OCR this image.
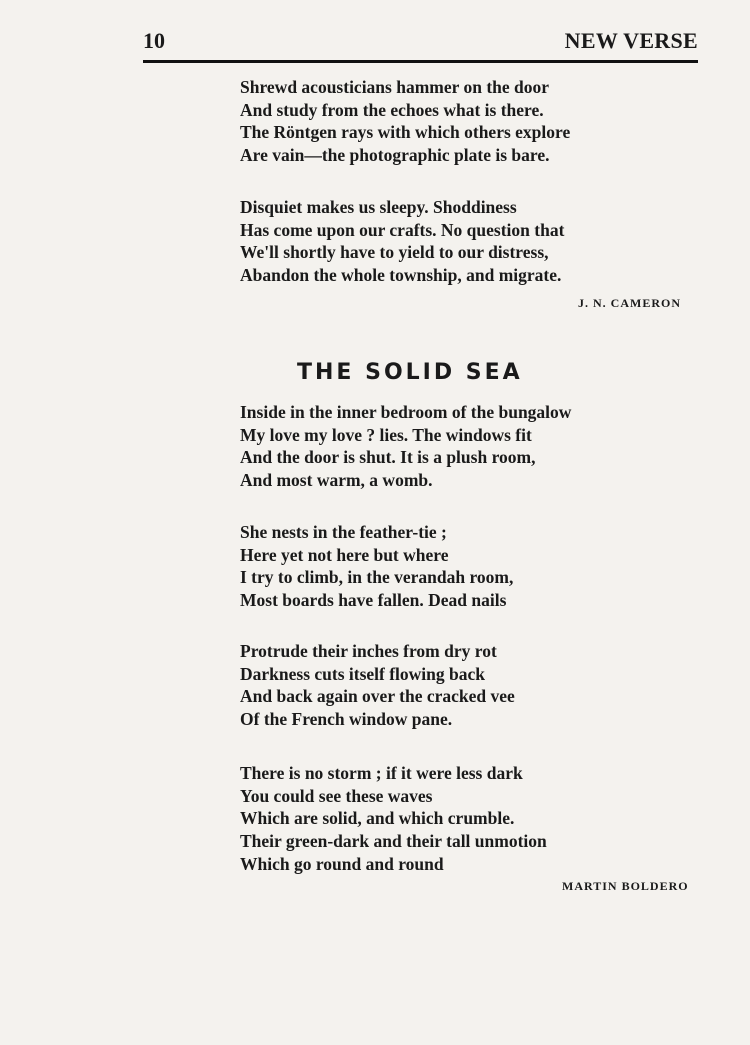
10	NEW VERSE
Shrewd acousticians hammer on the door
And study from the echoes what is there.
The Röntgen rays with which others explore
Are vain—the photographic plate is bare.
Disquiet makes us sleepy. Shoddiness
Has come upon our crafts. No question that
We'll shortly have to yield to our distress,
Abandon the whole township, and migrate.
J. N. CAMERON
THE SOLID SEA
Inside in the inner bedroom of the bungalow
My love my love ? lies. The windows fit
And the door is shut. It is a plush room,
And most warm, a womb.
She nests in the feather-tie ;
Here yet not here but where
I try to climb, in the verandah room,
Most boards have fallen. Dead nails
Protrude their inches from dry rot
Darkness cuts itself flowing back
And back again over the cracked vee
Of the French window pane.
There is no storm ; if it were less dark
You could see these waves
Which are solid, and which crumble.
Their green-dark and their tall unmotion
Which go round and round
MARTIN BOLDERO
